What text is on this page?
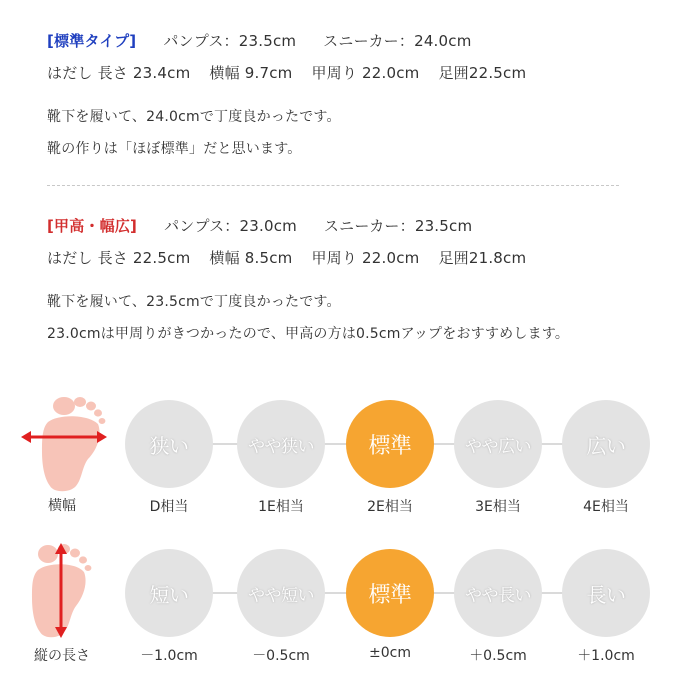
[標準タイプ] パンプス：23.5cm スニーカー：24.0cm
はだし 長さ 23.4cm 横幅 9.7cm 甲周り 22.0cm 足囲22.5cm
靴下を履いて、24.0cmで丁度良かったです。
靴の作りは「ほぼ標準」だと思います。
[甲高・幅広] パンプス：23.0cm スニーカー：23.5cm
はだし 長さ 22.5cm 横幅 8.5cm 甲周り 22.0cm 足囲21.8cm
靴下を履いて、23.5cmで丁度良かったです。
23.0cmは甲周りがきつかったので、甲高の方は0.5cmアップをおすすめします。
横幅
狭い	やや狭い	標準	やや広い	広い
D相当	1E相当	2E相当	3E相当	4E相当
縦の長さ
短い	やや短い	標準	やや長い	長い
－1.0cm	－0.5cm	±0cm	＋0.5cm	＋1.0cm
